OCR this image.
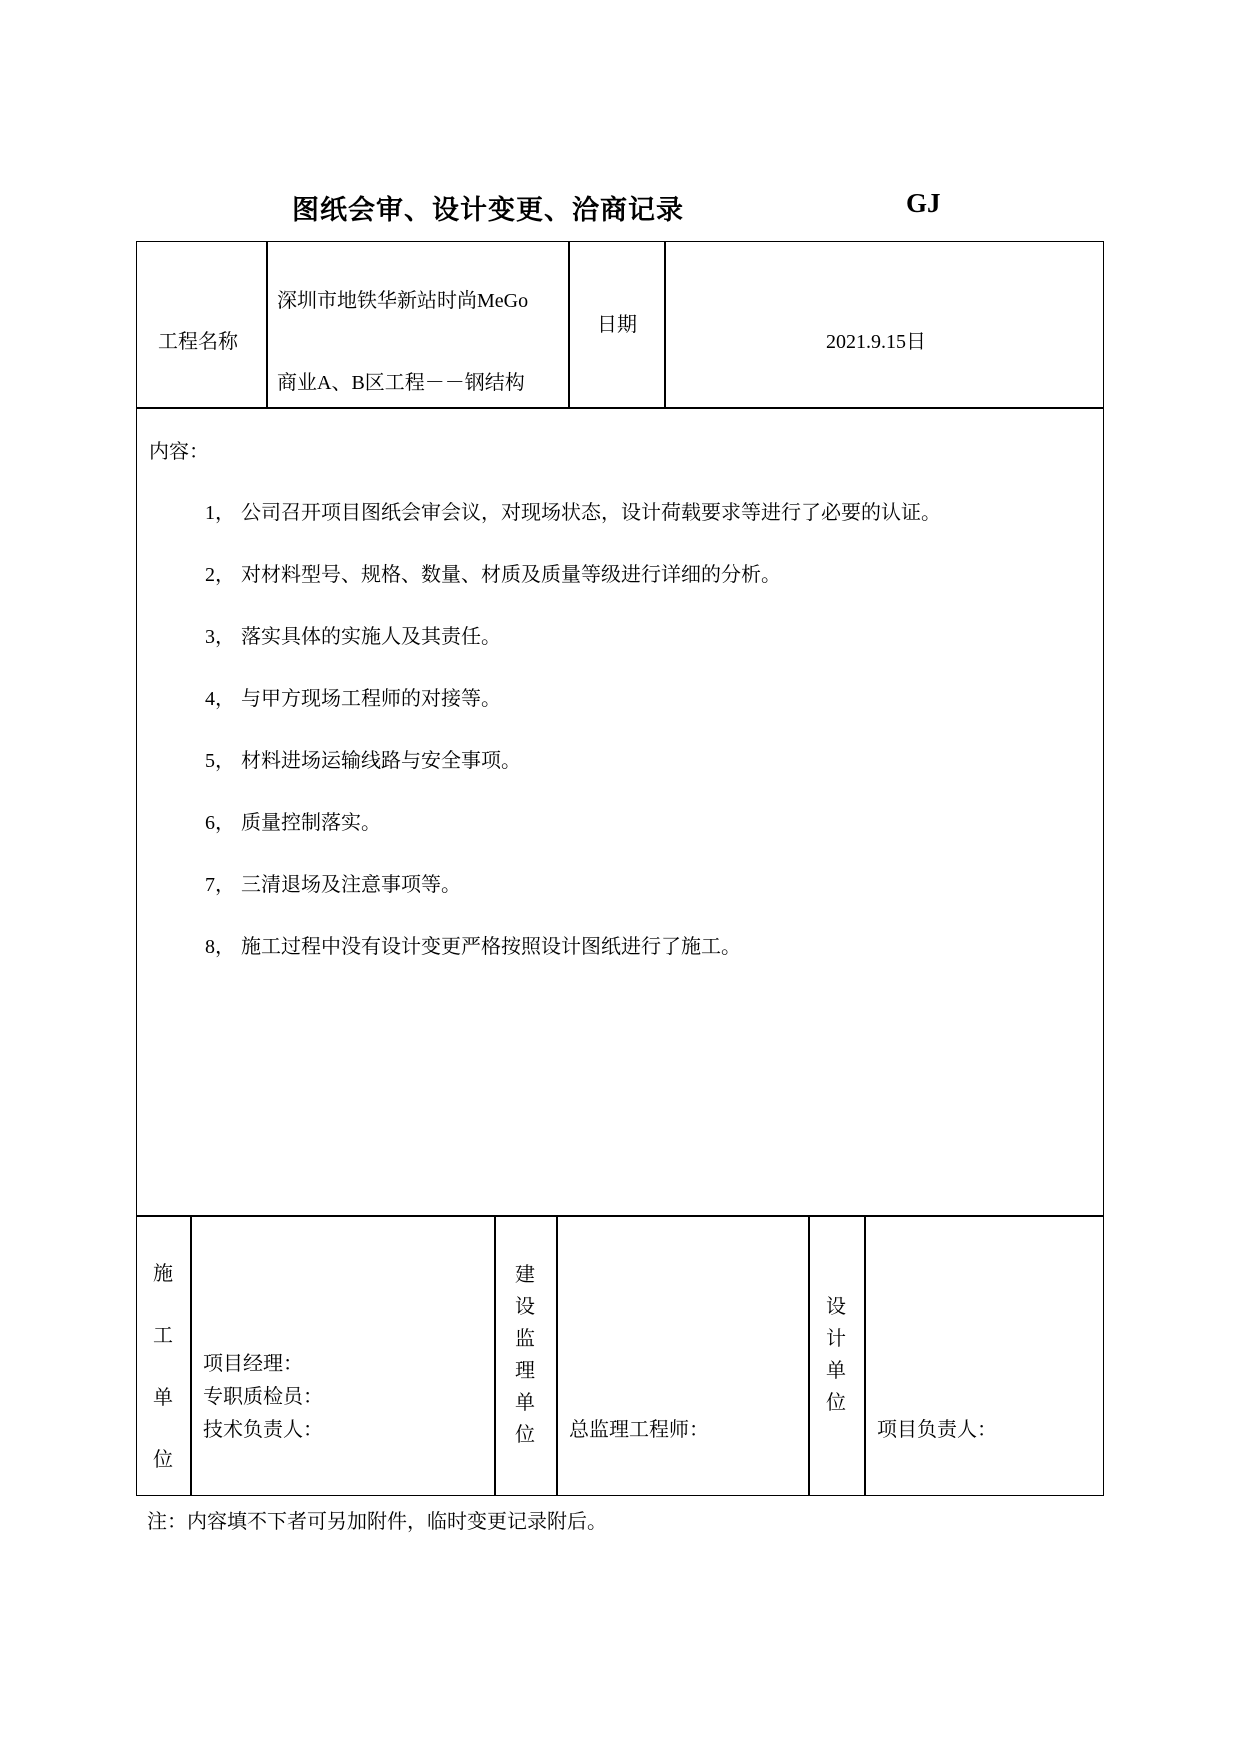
图纸会审、设计变更、洽商记录	GJ
工程名称
深圳市地铁华新站时尚MeGo
商业A、B区工程－－钢结构
日期
2021.9.15日
内容：
1， 公司召开项目图纸会审会议，对现场状态，设计荷载要求等进行了必要的认证。
2， 对材料型号、规格、数量、材质及质量等级进行详细的分析。
3， 落实具体的实施人及其责任。
4， 与甲方现场工程师的对接等。
5， 材料进场运输线路与安全事项。
6， 质量控制落实。
7， 三清退场及注意事项等。
8， 施工过程中没有设计变更严格按照设计图纸进行了施工。
施
工
单
位
项目经理：
专职质检员：
技术负责人：
建
设
监
理
单
位 总监理工程师：
设
计
单
位
项目负责人：
注：内容填不下者可另加附件，临时变更记录附后。
